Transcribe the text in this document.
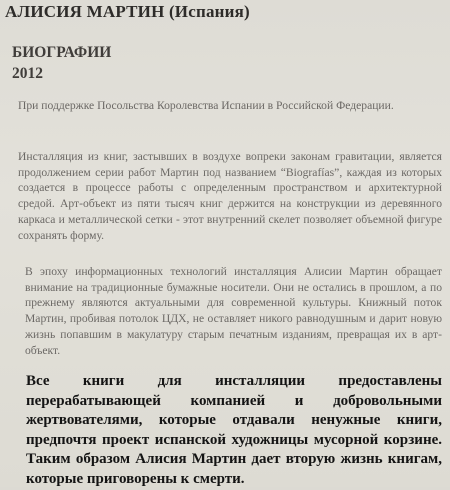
АЛИСИЯ МАРТИН (Испания)
БИОГРАФИИ
2012

При поддержке Посольства Королевства Испании в Российской Федерации.

Инсталляция из книг, застывших в воздухе вопреки законам гравитации, является продолжением серии работ Мартин под названием “Biografías”, каждая из которых создается в процессе работы с определенным пространством и архитектурной средой. Арт-объект из пяти тысяч книг держится на конструкции из деревянного каркаса и металлической сетки - этот внутренний скелет позволяет объемной фигуре сохранять форму.

В эпоху информационных технологий инсталляция Алисии Мартин обращает внимание на традиционные бумажные носители. Они не остались в прошлом, а по прежнему являются актуальными для современной культуры. Книжный поток Мартин, пробивая потолок ЦДХ, не оставляет никого равнодушным и дарит новую жизнь попавшим в макулатуру старым печатным изданиям, превращая их в арт-объект.

Все книги для инсталляции предоставлены перерабатывающей компанией и добровольными жертвователями, которые отдавали ненужные книги, предпочтя проект испанской художницы мусорной корзине. Таким образом Алисия Мартин дает вторую жизнь книгам, которые приговорены к смерти.
